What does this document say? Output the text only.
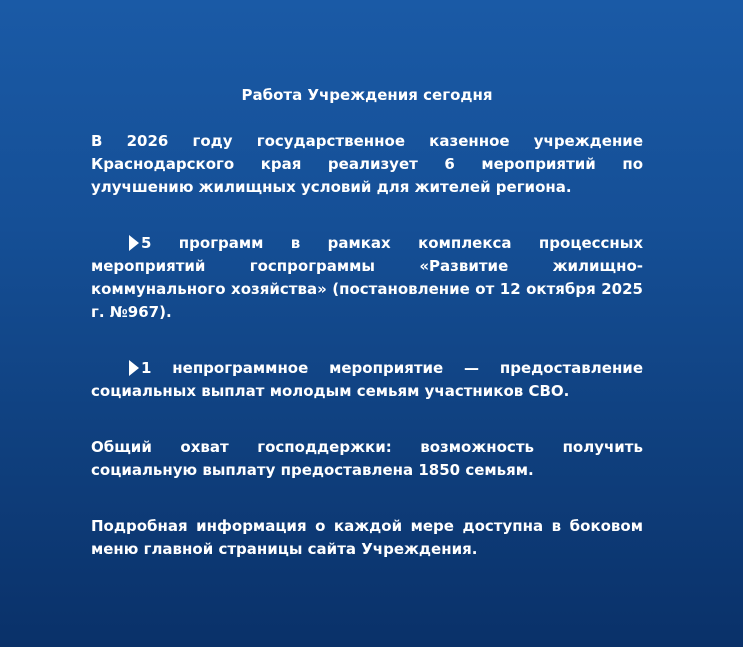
Работа Учреждения сегодня

В 2026 году государственное казенное учреждение Краснодарского края реализует 6 мероприятий по улучшению жилищных условий для жителей региона.

5 программ в рамках комплекса процессных мероприятий госпрограммы «Развитие жилищно-коммунального хозяйства» (постановление от 12 октября 2025 г. №967).

1 непрограммное мероприятие — предоставление социальных выплат молодым семьям участников СВО.

Общий охват господдержки: возможность получить социальную выплату предоставлена 1850 семьям.

Подробная информация о каждой мере доступна в боковом меню главной страницы сайта Учреждения.
